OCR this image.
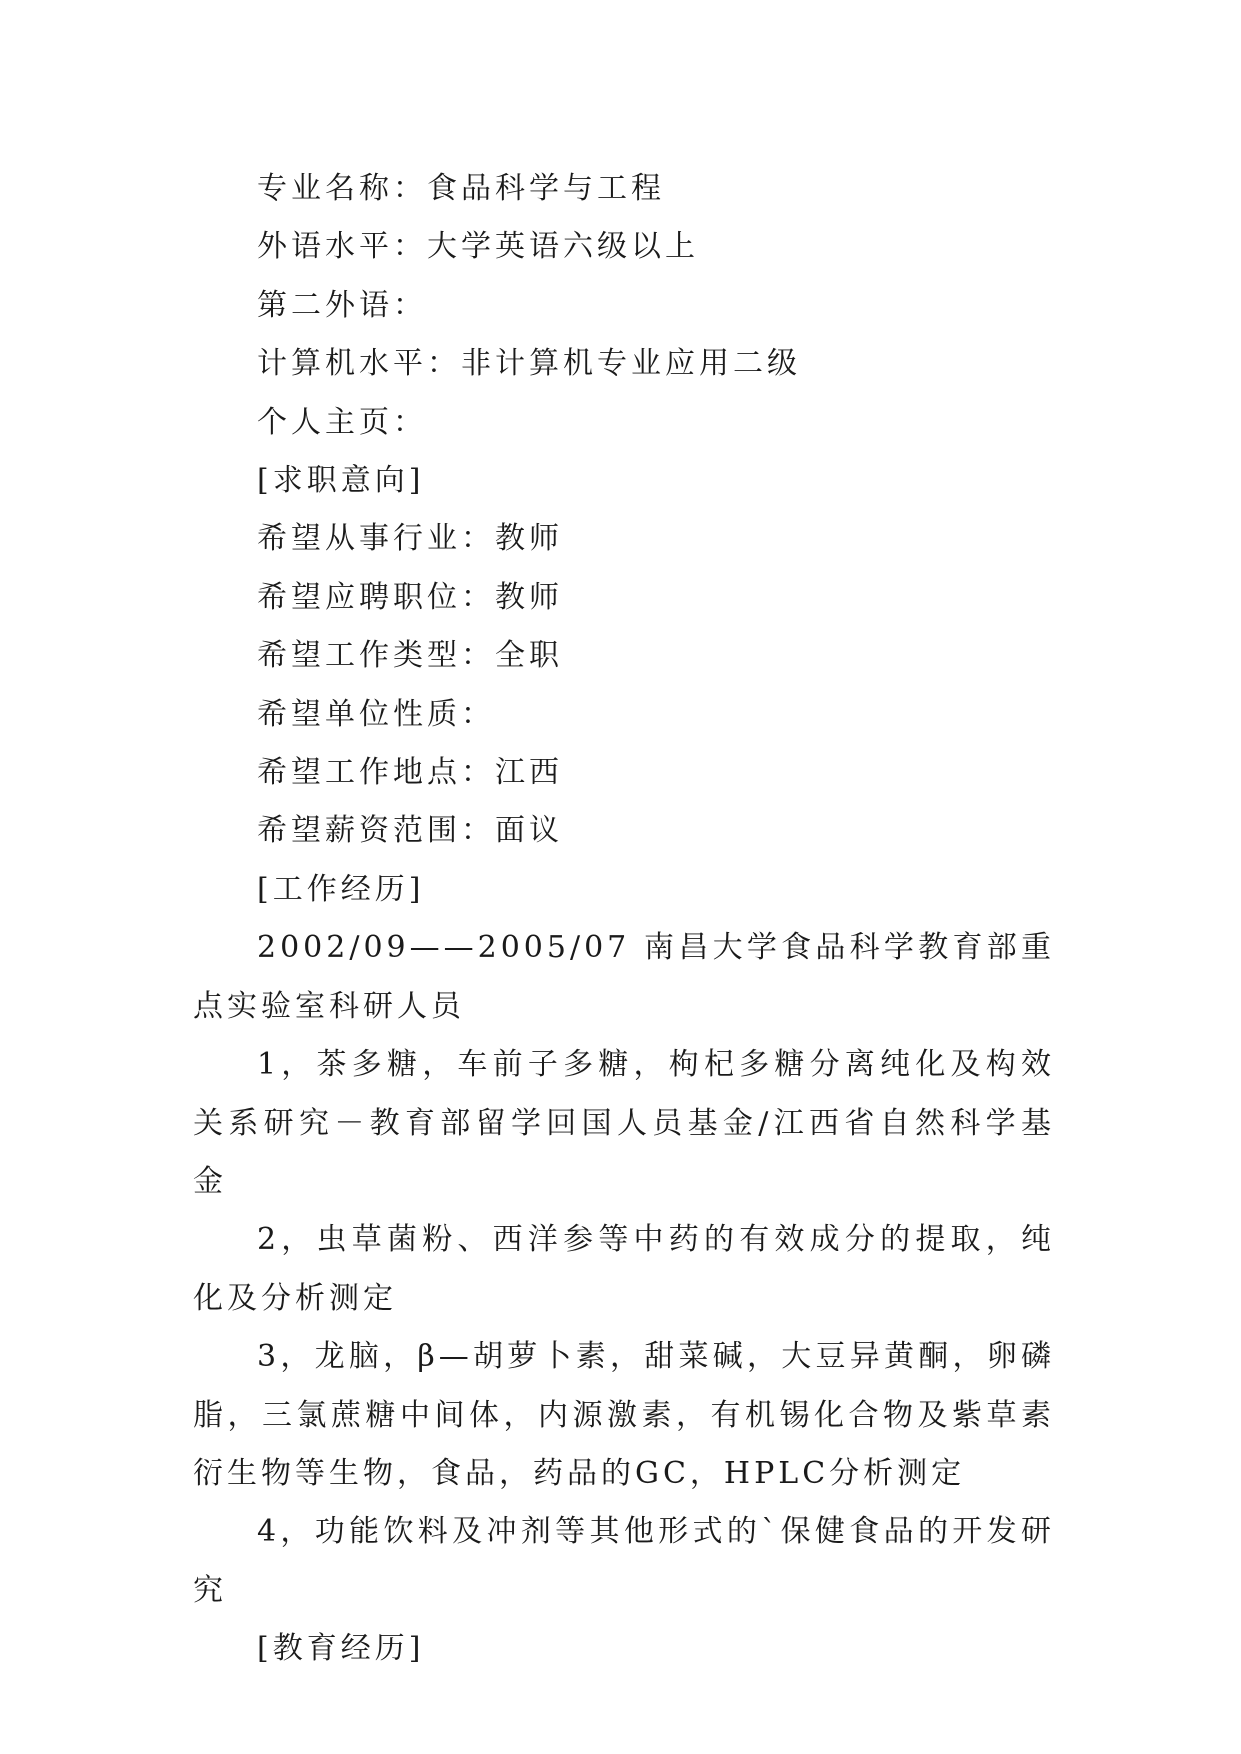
专业名称：食品科学与工程

外语水平：大学英语六级以上

第二外语：

计算机水平：非计算机专业应用二级

个人主页：

[求职意向]

希望从事行业：教师

希望应聘职位：教师

希望工作类型：全职

希望单位性质：

希望工作地点：江西

希望薪资范围：面议

[工作经历]

2002/09——2005/07 南昌大学食品科学教育部重点实验室科研人员

1，茶多糖，车前子多糖，枸杞多糖分离纯化及构效关系研究－教育部留学回国人员基金/江西省自然科学基金

2，虫草菌粉、西洋参等中药的有效成分的提取，纯化及分析测定

3，龙脑，β—胡萝卜素，甜菜碱，大豆异黄酮，卵磷脂，三氯蔗糖中间体，内源激素，有机锡化合物及紫草素衍生物等生物，食品，药品的GC，HPLC分析测定

4，功能饮料及冲剂等其他形式的`保健食品的开发研究

[教育经历]
